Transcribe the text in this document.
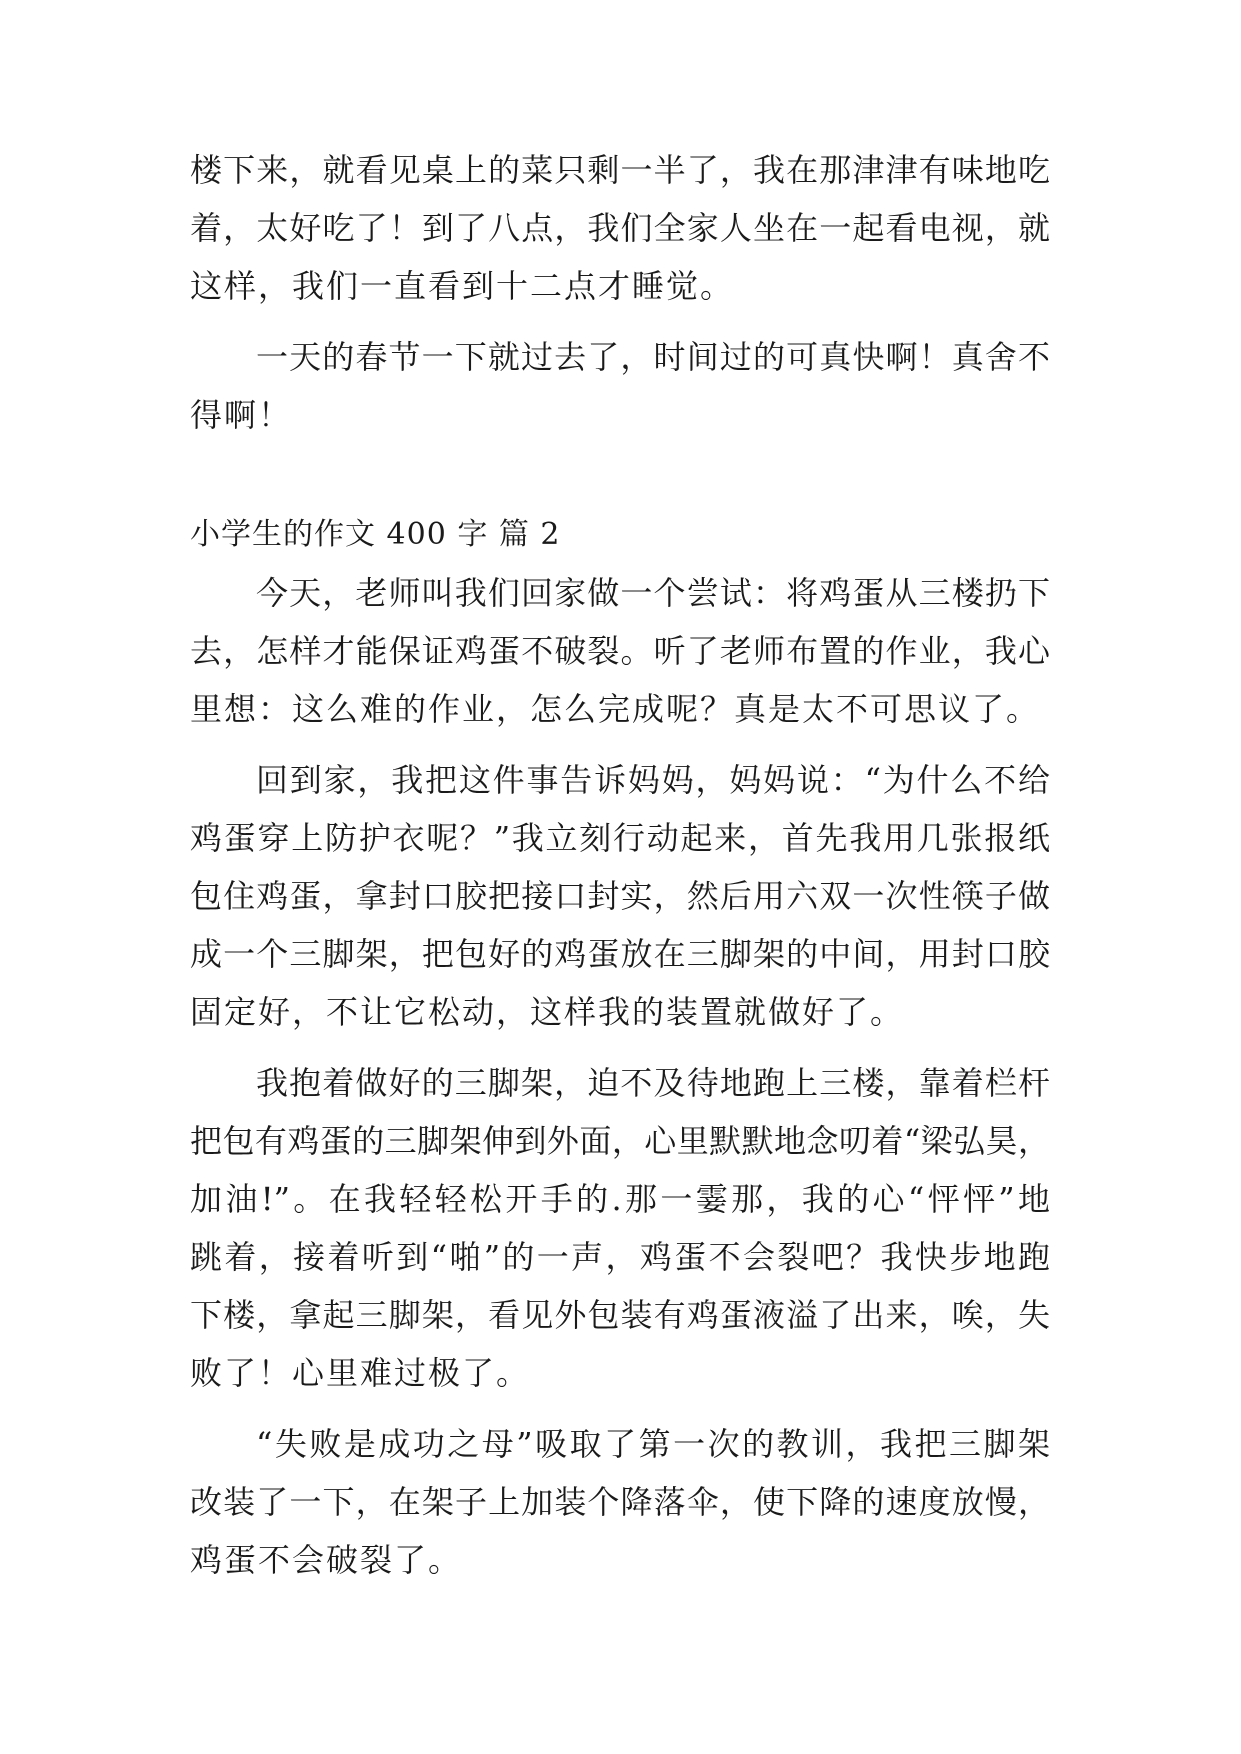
楼下来，就看见桌上的菜只剩一半了，我在那津津有味地吃
着，太好吃了！到了八点，我们全家人坐在一起看电视，就
这样，我们一直看到十二点才睡觉。
一天的春节一下就过去了，时间过的可真快啊！真舍不
得啊！
小学生的作文 400 字 篇 2
今天，老师叫我们回家做一个尝试：将鸡蛋从三楼扔下
去，怎样才能保证鸡蛋不破裂。听了老师布置的作业，我心
里想：这么难的作业，怎么完成呢？真是太不可思议了。
回到家，我把这件事告诉妈妈，妈妈说：“为什么不给
鸡蛋穿上防护衣呢？”我立刻行动起来，首先我用几张报纸
包住鸡蛋，拿封口胶把接口封实，然后用六双一次性筷子做
成一个三脚架，把包好的鸡蛋放在三脚架的中间，用封口胶
固定好，不让它松动，这样我的装置就做好了。
我抱着做好的三脚架，迫不及待地跑上三楼，靠着栏杆
把包有鸡蛋的三脚架伸到外面，心里默默地念叨着“梁弘昊，
加油!”。在我轻轻松开手的.那一霎那，我的心“怦怦”地
跳着，接着听到“啪”的一声，鸡蛋不会裂吧？我快步地跑
下楼，拿起三脚架，看见外包装有鸡蛋液溢了出来，唉，失
败了！心里难过极了。
“失败是成功之母”吸取了第一次的教训，我把三脚架
改装了一下，在架子上加装个降落伞，使下降的速度放慢，
鸡蛋不会破裂了。
